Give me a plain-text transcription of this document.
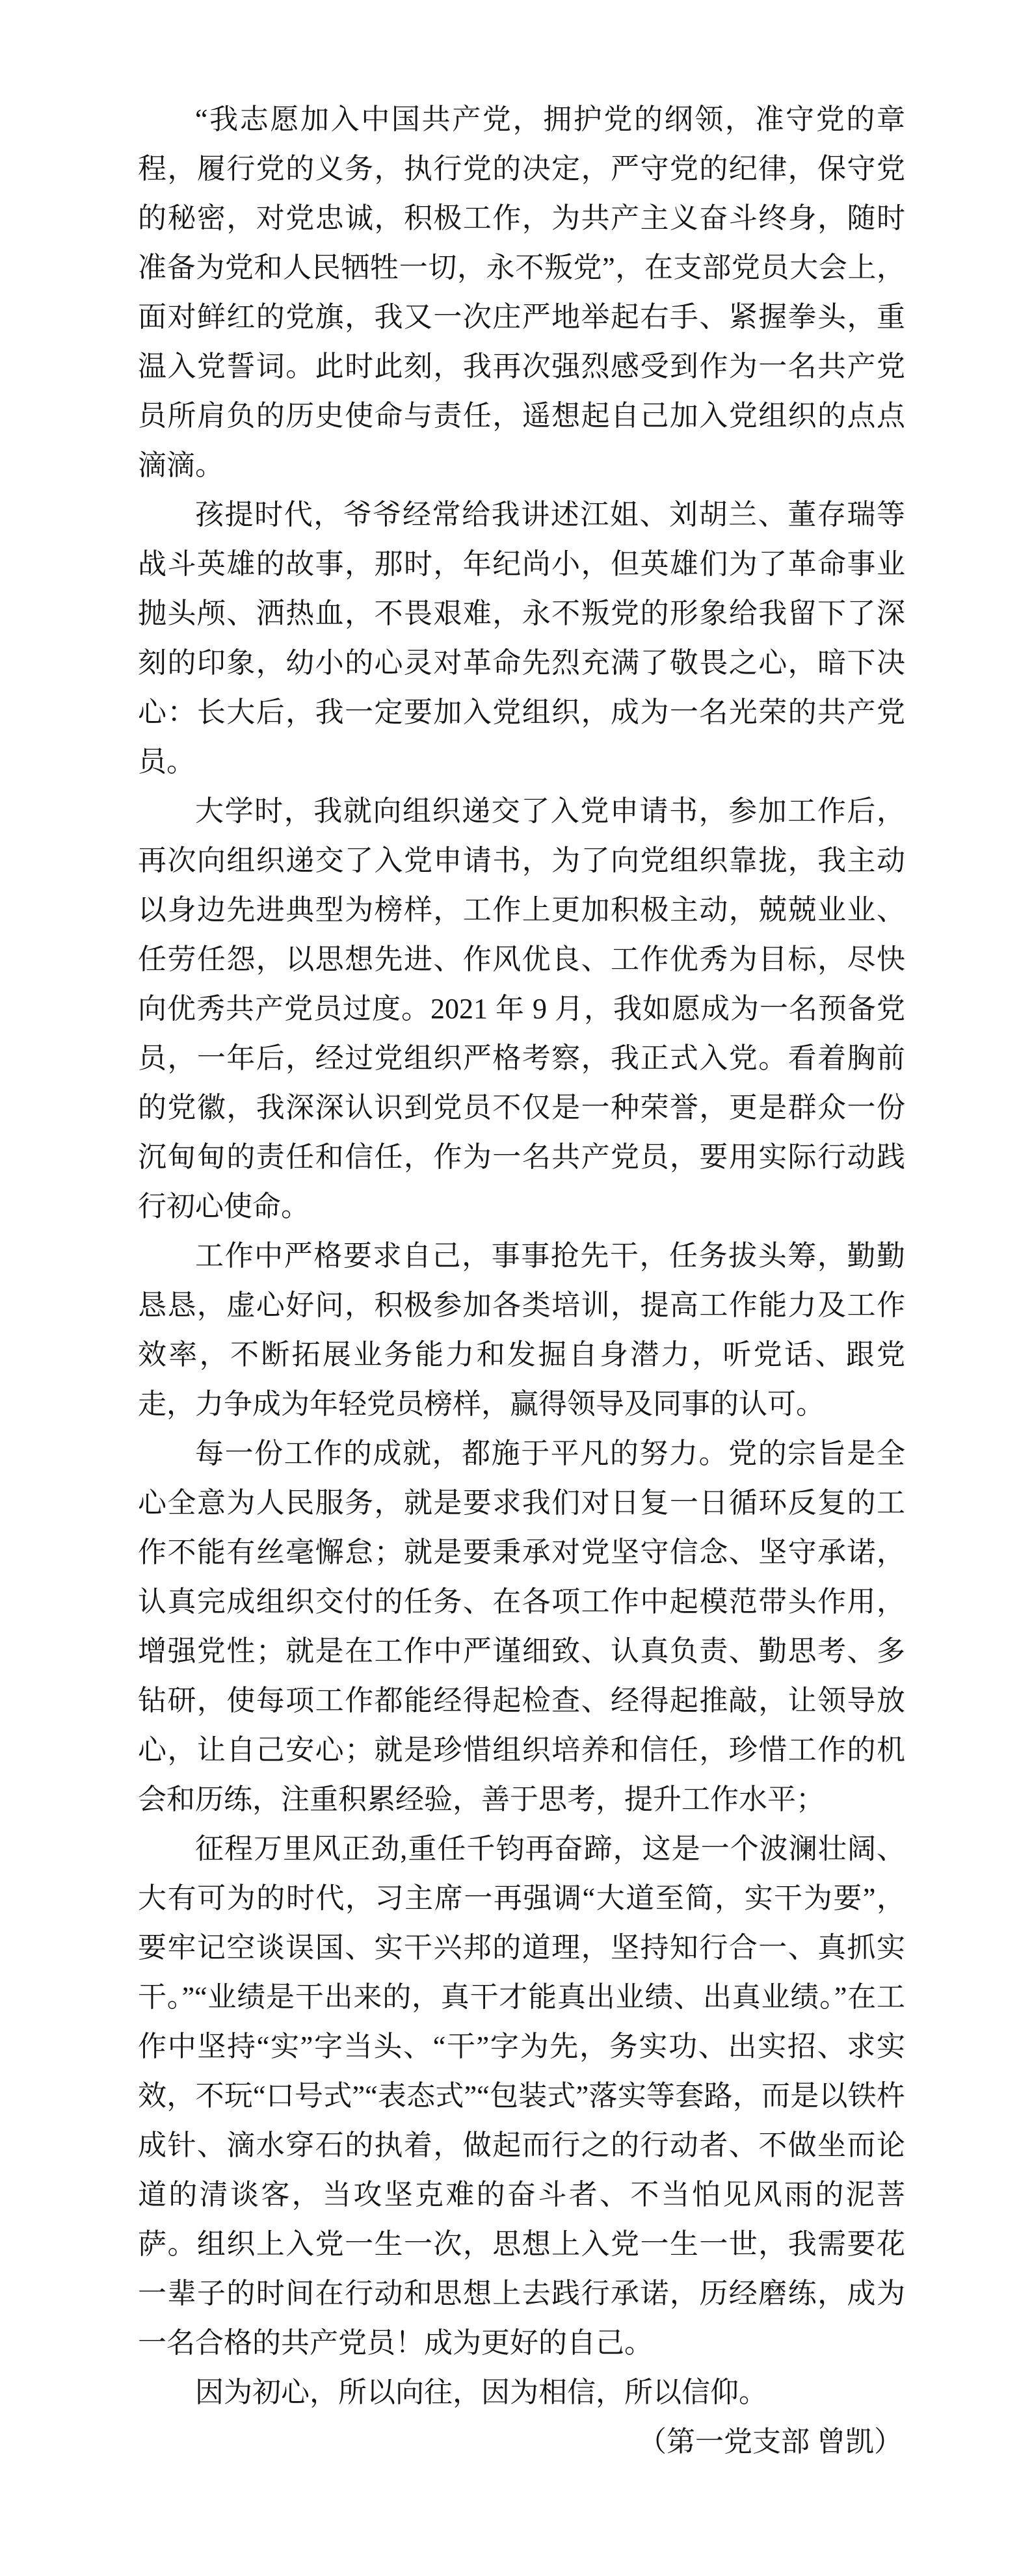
“我志愿加入中国共产党，拥护党的纲领，准守党的章程，履行党的义务，执行党的决定，严守党的纪律，保守党的秘密，对党忠诚，积极工作，为共产主义奋斗终身，随时准备为党和人民牺牲一切，永不叛党”，在支部党员大会上，面对鲜红的党旗，我又一次庄严地举起右手、紧握拳头，重温入党誓词。此时此刻，我再次强烈感受到作为一名共产党员所肩负的历史使命与责任，遥想起自己加入党组织的点点滴滴。

孩提时代，爷爷经常给我讲述江姐、刘胡兰、董存瑞等战斗英雄的故事，那时，年纪尚小，但英雄们为了革命事业抛头颅、洒热血，不畏艰难，永不叛党的形象给我留下了深刻的印象，幼小的心灵对革命先烈充满了敬畏之心，暗下决心：长大后，我一定要加入党组织，成为一名光荣的共产党员。

大学时，我就向组织递交了入党申请书，参加工作后，再次向组织递交了入党申请书，为了向党组织靠拢，我主动以身边先进典型为榜样，工作上更加积极主动，兢兢业业、任劳任怨，以思想先进、作风优良、工作优秀为目标，尽快向优秀共产党员过度。2021 年 9 月，我如愿成为一名预备党员，一年后，经过党组织严格考察，我正式入党。看着胸前的党徽，我深深认识到党员不仅是一种荣誉，更是群众一份沉甸甸的责任和信任，作为一名共产党员，要用实际行动践行初心使命。

工作中严格要求自己，事事抢先干，任务拔头筹，勤勤恳恳，虚心好问，积极参加各类培训，提高工作能力及工作效率，不断拓展业务能力和发掘自身潜力，听党话、跟党走，力争成为年轻党员榜样，赢得领导及同事的认可。

每一份工作的成就，都施于平凡的努力。党的宗旨是全心全意为人民服务，就是要求我们对日复一日循环反复的工作不能有丝毫懈怠；就是要秉承对党坚守信念、坚守承诺，认真完成组织交付的任务、在各项工作中起模范带头作用，增强党性；就是在工作中严谨细致、认真负责、勤思考、多钻研，使每项工作都能经得起检查、经得起推敲，让领导放心，让自己安心；就是珍惜组织培养和信任，珍惜工作的机会和历练，注重积累经验，善于思考，提升工作水平；

征程万里风正劲,重任千钧再奋蹄，这是一个波澜壮阔、大有可为的时代，习主席一再强调“大道至简，实干为要”，要牢记空谈误国、实干兴邦的道理，坚持知行合一、真抓实干。”“业绩是干出来的，真干才能真出业绩、出真业绩。”在工作中坚持“实”字当头、“干”字为先，务实功、出实招、求实效，不玩“口号式”“表态式”“包装式”落实等套路，而是以铁杵成针、滴水穿石的执着，做起而行之的行动者、不做坐而论道的清谈客，当攻坚克难的奋斗者、不当怕见风雨的泥菩萨。组织上入党一生一次，思想上入党一生一世，我需要花一辈子的时间在行动和思想上去践行承诺，历经磨练，成为一名合格的共产党员！成为更好的自己。

因为初心，所以向往，因为相信，所以信仰。

（第一党支部 曾凯）
